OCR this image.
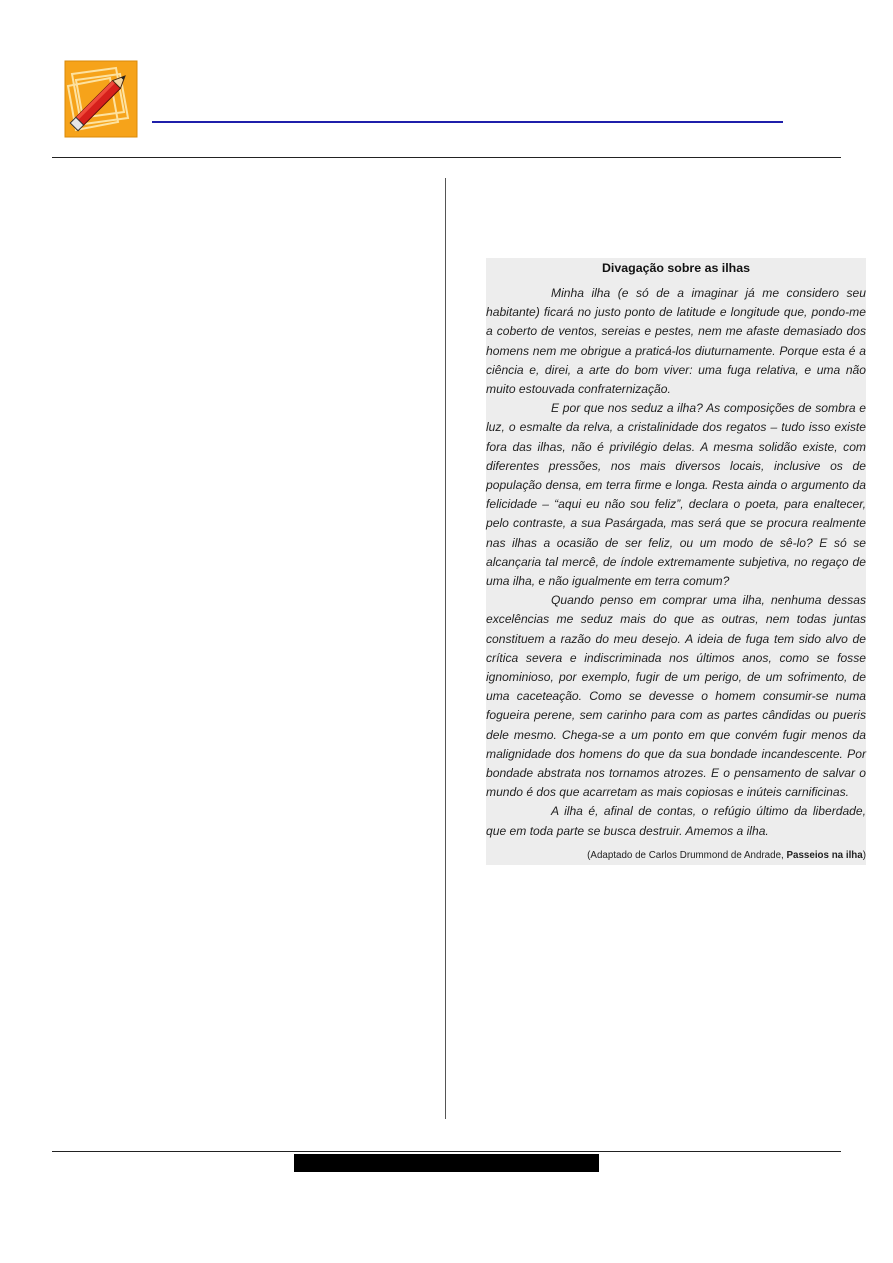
Divagação sobre as ilhas

Minha ilha (e só de a imaginar já me considero seu habitante) ficará no justo ponto de latitude e longitude que, pondo-me a coberto de ventos, sereias e pestes, nem me afaste demasiado dos homens nem me obrigue a praticá-los diuturnamente. Porque esta é a ciência e, direi, a arte do bom viver: uma fuga relativa, e uma não muito estouvada confraternização.

E por que nos seduz a ilha? As composições de sombra e luz, o esmalte da relva, a cristalinidade dos regatos – tudo isso existe fora das ilhas, não é privilégio delas. A mesma solidão existe, com diferentes pressões, nos mais diversos locais, inclusive os de população densa, em terra firme e longa. Resta ainda o argumento da felicidade – “aqui eu não sou feliz”, declara o poeta, para enaltecer, pelo contraste, a sua Pasárgada, mas será que se procura realmente nas ilhas a ocasião de ser feliz, ou um modo de sê-lo? E só se alcançaria tal mercê, de índole extremamente subjetiva, no regaço de uma ilha, e não igualmente em terra comum?

Quando penso em comprar uma ilha, nenhuma dessas excelências me seduz mais do que as outras, nem todas juntas constituem a razão do meu desejo. A ideia de fuga tem sido alvo de crítica severa e indiscriminada nos últimos anos, como se fosse ignominioso, por exemplo, fugir de um perigo, de um sofrimento, de uma caceteação. Como se devesse o homem consumir-se numa fogueira perene, sem carinho para com as partes cândidas ou pueris dele mesmo. Chega-se a um ponto em que convém fugir menos da malignidade dos homens do que da sua bondade incandescente. Por bondade abstrata nos tornamos atrozes. E o pensamento de salvar o mundo é dos que acarretam as mais copiosas e inúteis carnificinas.

A ilha é, afinal de contas, o refúgio último da liberdade, que em toda parte se busca destruir. Amemos a ilha.

(Adaptado de Carlos Drummond de Andrade, Passeios na ilha)
